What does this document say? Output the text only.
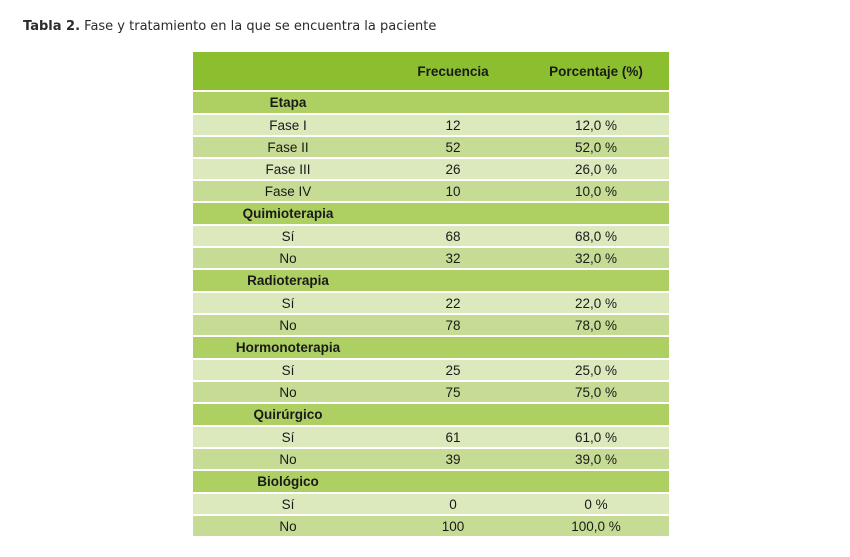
Tabla 2. Fase y tratamiento en la que se encuentra la paciente
	Frecuencia	Porcentaje (%)
Etapa		
Fase I	12	12,0 %
Fase II	52	52,0 %
Fase III	26	26,0 %
Fase IV	10	10,0 %
Quimioterapia		
Sí	68	68,0 %
No	32	32,0 %
Radioterapia		
Sí	22	22,0 %
No	78	78,0 %
Hormonoterapia		
Sí	25	25,0 %
No	75	75,0 %
Quirúrgico		
Sí	61	61,0 %
No	39	39,0 %
Biológico		
Sí	0	0 %
No	100	100,0 %
